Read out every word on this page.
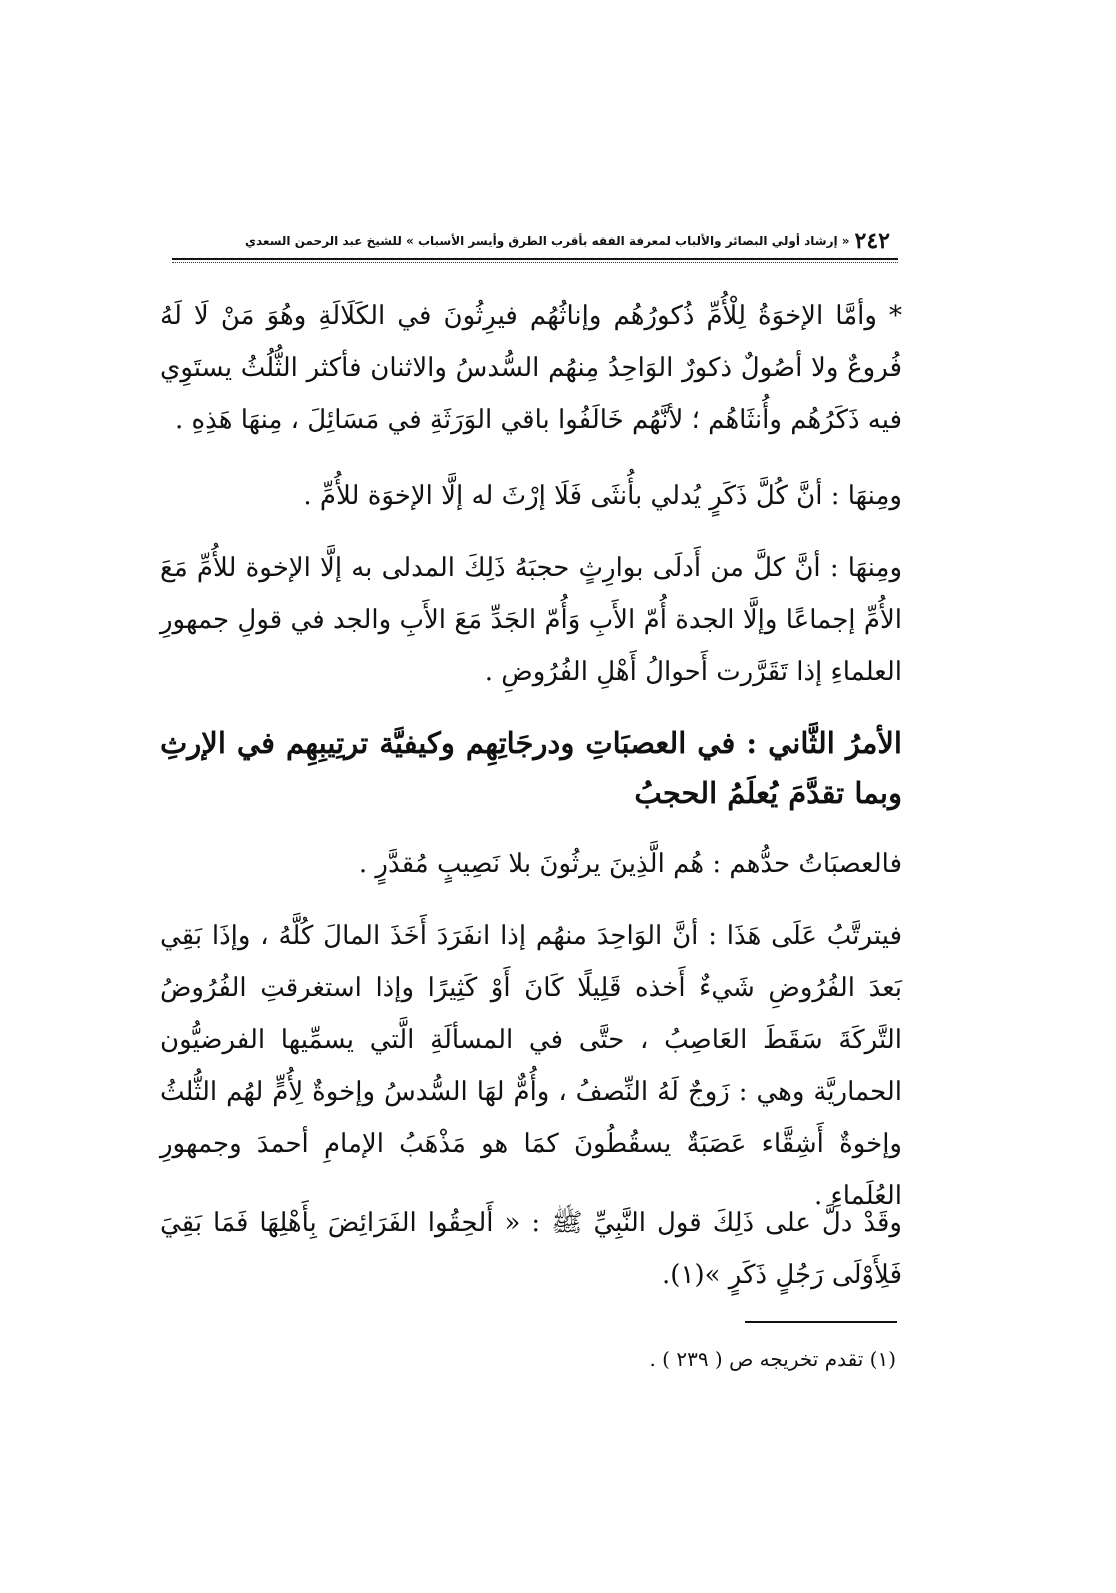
٢٤٢
« إرشاد أولي البصائر والألباب لمعرفة الفقه بأقرب الطرق وأيسر الأسباب » للشيخ عبد الرحمن السعدي

* وأمَّا الإخوَةُ لِلْأُمِّ ذُكورُهُم وإناثُهُم فيرِثُونَ في الكَلَالَةِ وهُوَ مَنْ لَا لَهُ فُروعٌ ولا أصُولٌ ذكورٌ الوَاحِدُ مِنهُم السُّدسُ والاثنان فأكثر الثُّلُثُ يستَوِي فيه ذَكَرُهُم وأُنثَاهُم ؛ لأنَّهُم خَالَفُوا باقي الوَرَثَةِ في مَسَائِلَ ، مِنهَا هَذِهِ .

ومِنهَا : أنَّ كُلَّ ذَكَرٍ يُدلي بأُنثَى فَلَا إرْثَ له إلَّا الإخوَة للأُمِّ .

ومِنهَا : أنَّ كلَّ من أَدلَى بوارِثٍ حجبَهُ ذَلِكَ المدلى به إلَّا الإخوة للأُمِّ مَعَ الأُمِّ إجماعًا وإلَّا الجدة أُمّ الأَبِ وَأُمّ الجَدِّ مَعَ الأَبِ والجد في قولِ جمهورِ العلماءِ إذا تَقَرَّرت أَحوالُ أَهْلِ الفُرُوضِ .

الأمرُ الثَّاني : في العصبَاتِ ودرجَاتِهِم وكيفيَّة ترتِيبِهِم في الإرثِ وبما تقدَّمَ يُعلَمُ الحجبُ

فالعصبَاتُ حدُّهم : هُم الَّذِينَ يرثُونَ بلا نَصِيبٍ مُقدَّرٍ .

فيترتَّبُ عَلَى هَذَا : أنَّ الوَاحِدَ منهُم إذا انفَرَدَ أَخَذَ المالَ كُلَّهُ ، وإذَا بَقِي بَعدَ الفُرُوضِ شَيءٌ أَخذه قَلِيلًا كَانَ أَوْ كَثِيرًا وإذا استغرقتِ الفُرُوضُ التَّركَةَ سَقَطَ العَاصِبُ ، حتَّى في المسألَةِ الَّتي يسمِّيها الفرضيُّون الحماريَّة وهي : زَوجٌ لَهُ النِّصفُ ، وأُمٌّ لهَا السُّدسُ وإخوةٌ لِأُمٍّ لهُم الثُّلثُ وإخوةٌ أَشِقَّاء عَصَبَةٌ يسقُطُونَ كمَا هو مَذْهَبُ الإمامِ أحمدَ وجمهورِ العُلَماءِ .

وقَدْ دلَّ على ذَلِكَ قول النَّبِيِّ ﷺ : « أَلحِقُوا الفَرَائِضَ بِأَهْلِهَا فَمَا بَقِيَ فَلِأَوْلَى رَجُلٍ ذَكَرٍ »(١).

(١) تقدم تخريجه ص ( ٢٣٩ ) .
